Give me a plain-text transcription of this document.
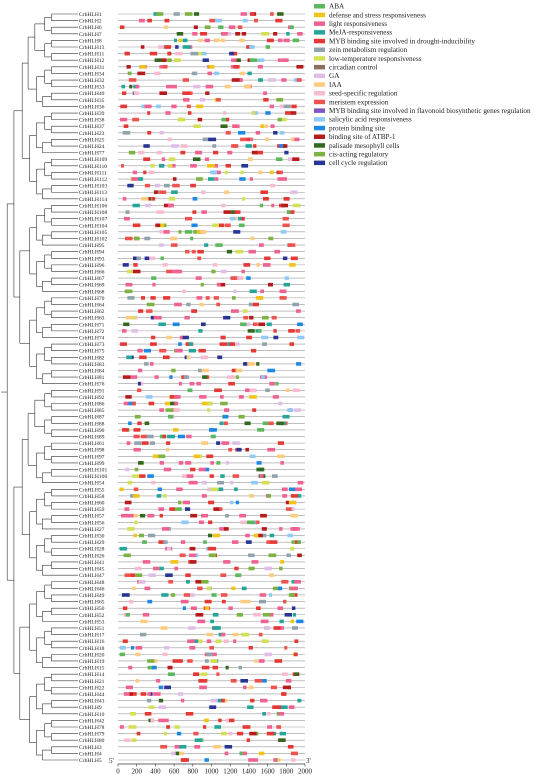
CrbHLH1
CrbHLH2
CrbHLH6
CrbHLH7
CrbHLH8
CrbHLH13
CrbHLH11
CrbHLH12
CrbHLH31
CrbHLH34
CrbHLH32
CrbHLH33
CrbHLH40
CrbHLH35
CrbHLH36
CrbHLH39
CrbHLH38
CrbHLH37
CrbHLH23
CrbHLH25
CrbHLH24
CrbHLH77
CrbHLH109
CrbHLH110
CrbHLH111
CrbHLH112
CrbHLH103
CrbHLH113
CrbHLH114
CrbHLH106
CrbHLH108
CrbHLH107
CrbHLH104
CrbHLH105
CrbHLH102
CrbHLH95
CrbHLH94
CrbHLH93
CrbHLH96
CrbHLH66
CrbHLH67
CrbHLH69
CrbHLH68
CrbHLH70
CrbHLH64
CrbHLH62
CrbHLH63
CrbHLH71
CrbHLH72
CrbHLH74
CrbHLH73
CrbHLH75
CrbHLH82
CrbHLH83
CrbHLH84
CrbHLH81
CrbHLH76
CrbHLH91
CrbHLH92
CrbHLH86
CrbHLH85
CrbHLH87
CrbHLH88
CrbHLH90
CrbHLH89
CrbHLH61
CrbHLH98
CrbHLH97
CrbHLH99
CrbHLH101
CrbHLH100
CrbHLH54
CrbHLH55
CrbHLH58
CrbHLH60
CrbHLH59
CrbHLH57
CrbHLH56
CrbHLH27
CrbHLH30
CrbHLH29
CrbHLH28
CrbHLH26
CrbHLH41
CrbHLH45
CrbHLH47
CrbHLH48
CrbHLH46
CrbHLH49
CrbHLH65
CrbHLH50
CrbHLH52
CrbHLH53
CrbHLH51
CrbHLH17
CrbHLH16
CrbHLH18
CrbHLH20
CrbHLH19
CrbHLH15
CrbHLH14
CrbHLH21
CrbHLH22
CrbHLH44
CrbHLH43
CrbHLH9
CrbHLH10
CrbHLH42
CrbHLH78
CrbHLH79
CrbHLH80
CrbHLH3
CrbHLH4
CrbHLH5
ABA
defense and stress responsiveness
light responsiveness
MeJA-responsiveness
MYB binding site involved in drought-inducibility
zein metabolism regulation
low-temperature responsiveness
circadian control
GA
IAA
seed-specific regulation
meristem expression
MYB binding site involved in flavonoid biosynthetic genes regulation
salicylic acid responsiveness
protein binding site
binding site of ATBP-1
palisade mesophyll cells
cis-acting regulatory
cell cycle regulation
0 200 400 600 800 1000 1200 1400 1600 1800 2000
5'	3'
